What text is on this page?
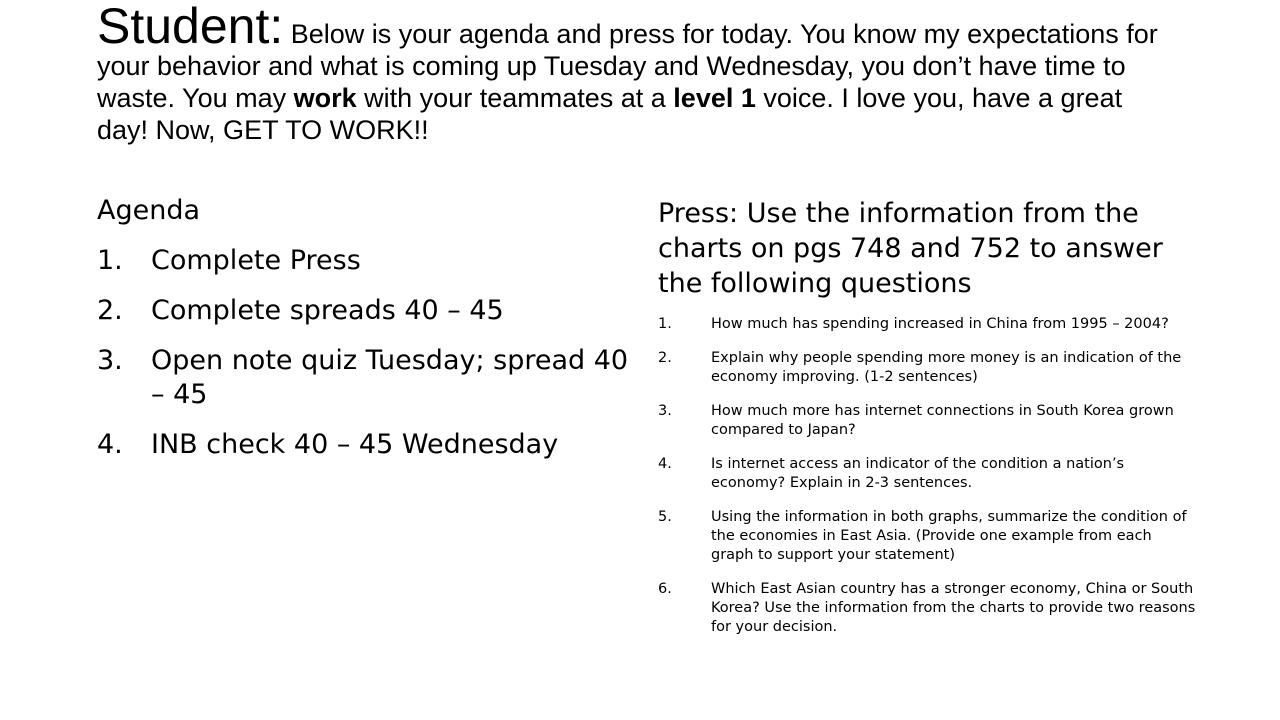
Student: Below is your agenda and press for today. You know my expectations for your behavior and what is coming up Tuesday and Wednesday, you don’t have time to waste. You may work with your teammates at a level 1 voice. I love you, have a great day! Now, GET TO WORK!!
Agenda
1.	Complete Press
2.	Complete spreads 40 – 45
3.	Open note quiz Tuesday; spread 40 – 45
4.	INB check 40 – 45 Wednesday
Press: Use the information from the charts on pgs 748 and 752 to answer the following questions
1.	How much has spending increased in China from 1995 – 2004?
2.	Explain why people spending more money is an indication of the economy improving. (1-2 sentences)
3.	How much more has internet connections in South Korea grown compared to Japan?
4.	Is internet access an indicator of the condition a nation’s economy? Explain in 2-3 sentences.
5.	Using the information in both graphs, summarize the condition of the economies in East Asia. (Provide one example from each graph to support your statement)
6.	Which East Asian country has a stronger economy, China or South Korea? Use the information from the charts to provide two reasons for your decision.
